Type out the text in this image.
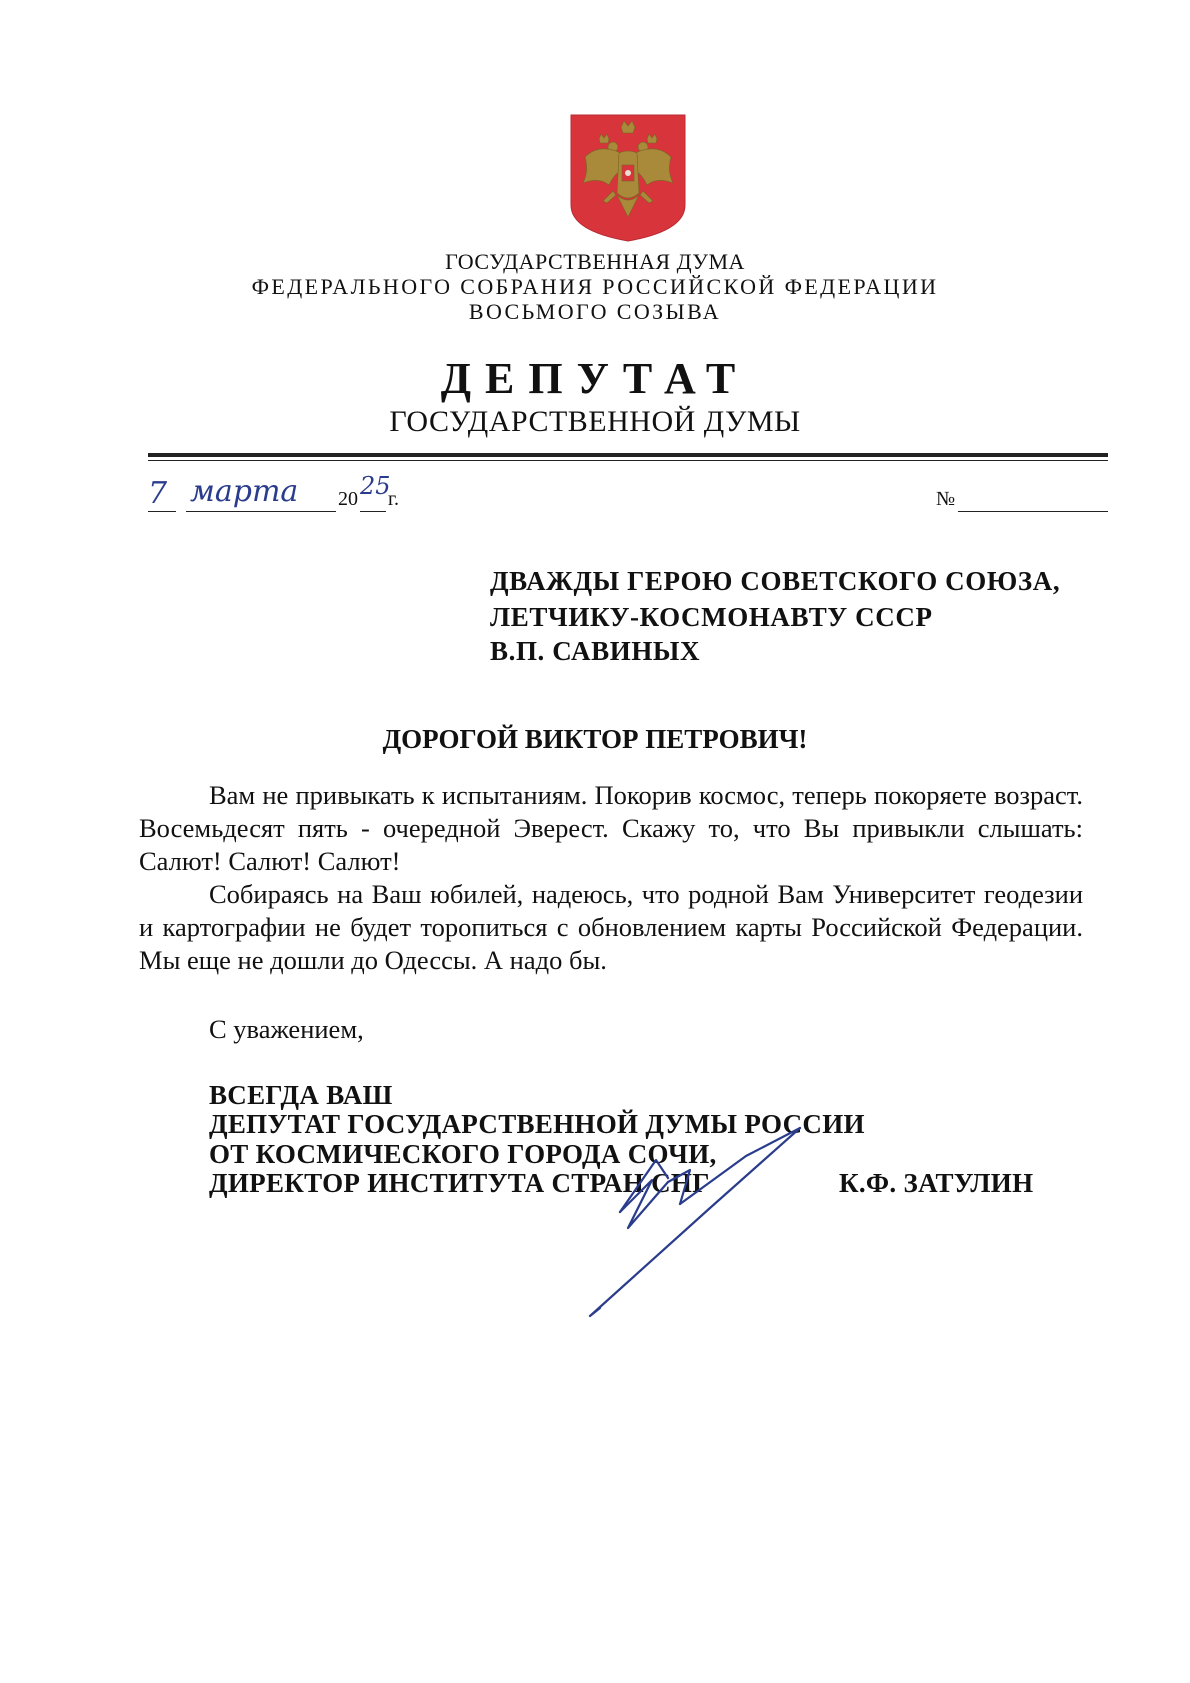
ГОСУДАРСТВЕННАЯ ДУМА
ФЕДЕРАЛЬНОГО СОБРАНИЯ РОССИЙСКОЙ ФЕДЕРАЦИИ
ВОСЬМОГО СОЗЫВА
ДЕПУТАТ
ГОСУДАРСТВЕННОЙ ДУМЫ
7 марта 20 25
г.	№
ДВАЖДЫ ГЕРОЮ СОВЕТСКОГО СОЮЗА,
ЛЕТЧИКУ-КОСМОНАВТУ СССР
В.П. САВИНЫХ
ДОРОГОЙ ВИКТОР ПЕТРОВИЧ!

Вам не привыкать к испытаниям. Покорив космос, теперь покоряете возраст. Восемьдесят пять - очередной Эверест. Скажу то, что Вы привыкли слышать: Салют! Салют! Салют!

Собираясь на Ваш юбилей, надеюсь, что родной Вам Университет геодезии и картографии не будет торопиться с обновлением карты Российской Федерации. Мы еще не дошли до Одессы. А надо бы.

С уважением,
ВСЕГДА ВАШ
ДЕПУТАТ ГОСУДАРСТВЕННОЙ ДУМЫ РОССИИ
ОТ КОСМИЧЕСКОГО ГОРОДА СОЧИ,
ДИРЕКТОР ИНСТИТУТА СТРАН СНГ	К.Ф. ЗАТУЛИН
